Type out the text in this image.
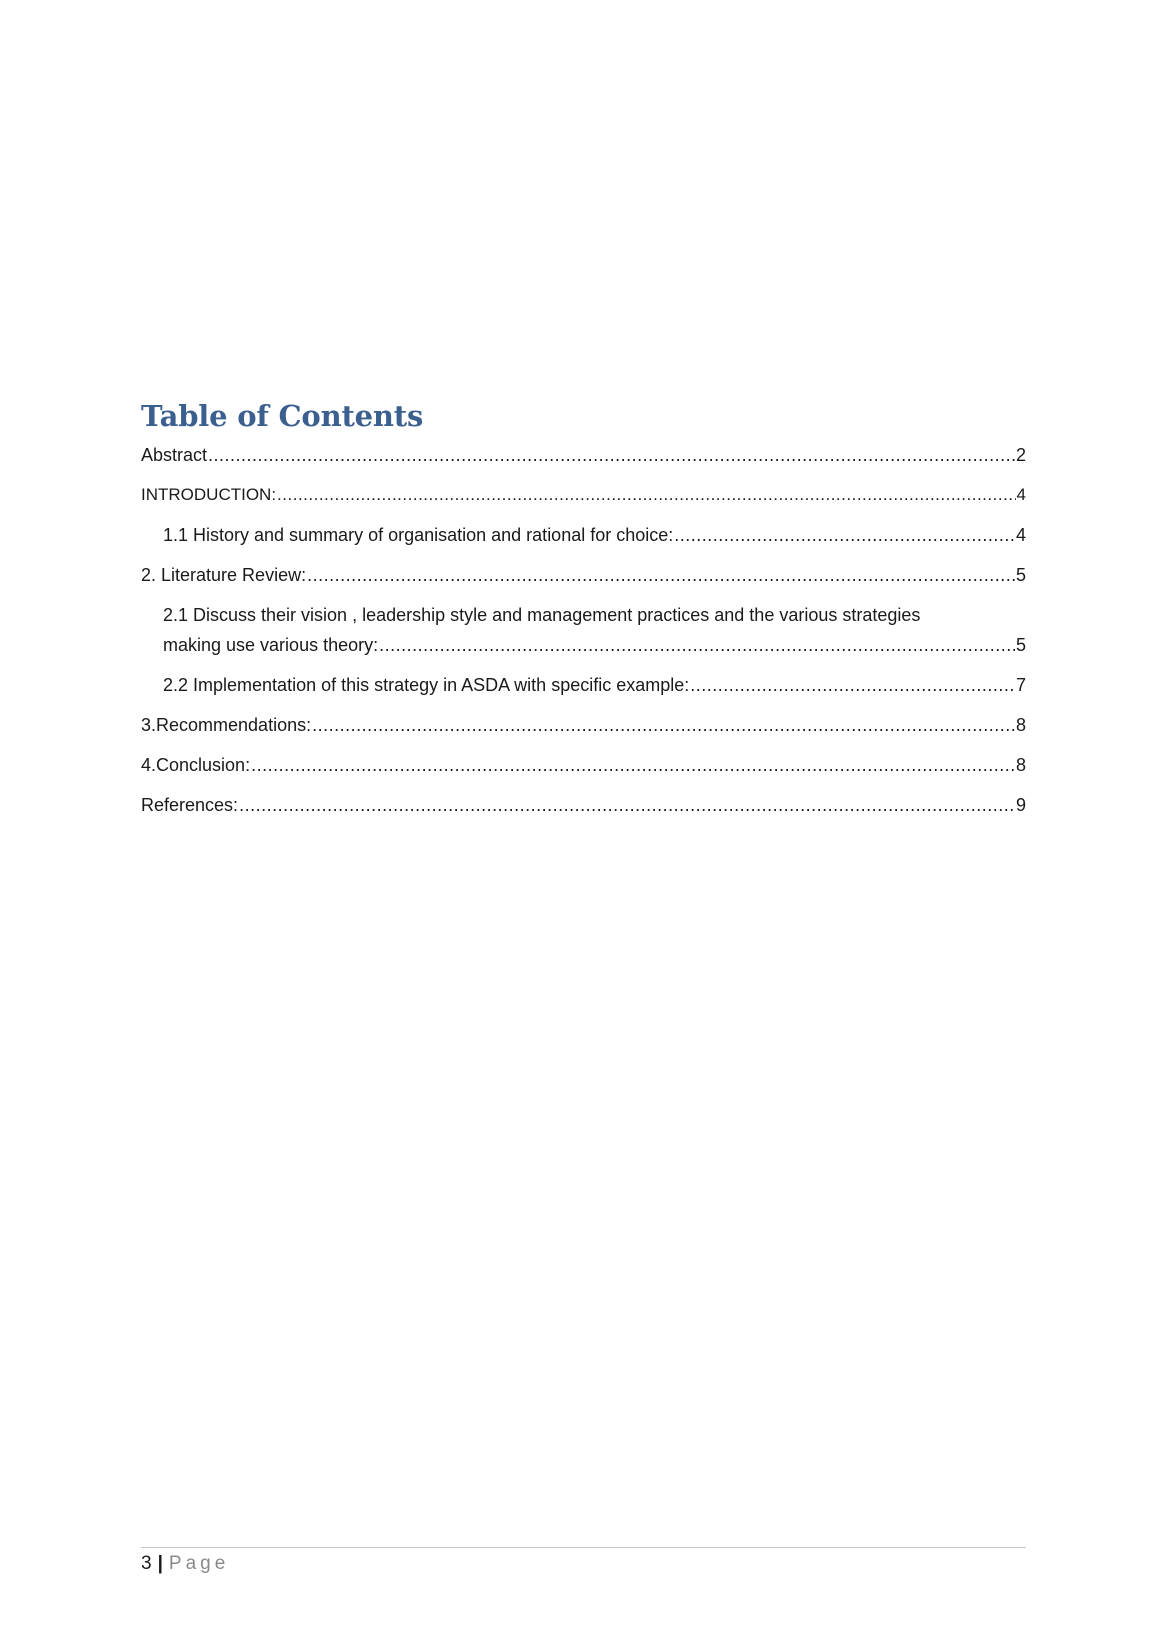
Table of Contents
Abstract .....	2
INTRODUCTION: .....	4
1.1 History and summary of organisation and rational for choice: .....	4
2. Literature Review: .....	5
2.1 Discuss their vision , leadership style and management practices and the various strategies
making use various theory: .....	5
2.2 Implementation of this strategy in ASDA with specific example: .....	7
3.Recommendations: .....	8
4.Conclusion: .....	8
References: .....	9
3 | Page
